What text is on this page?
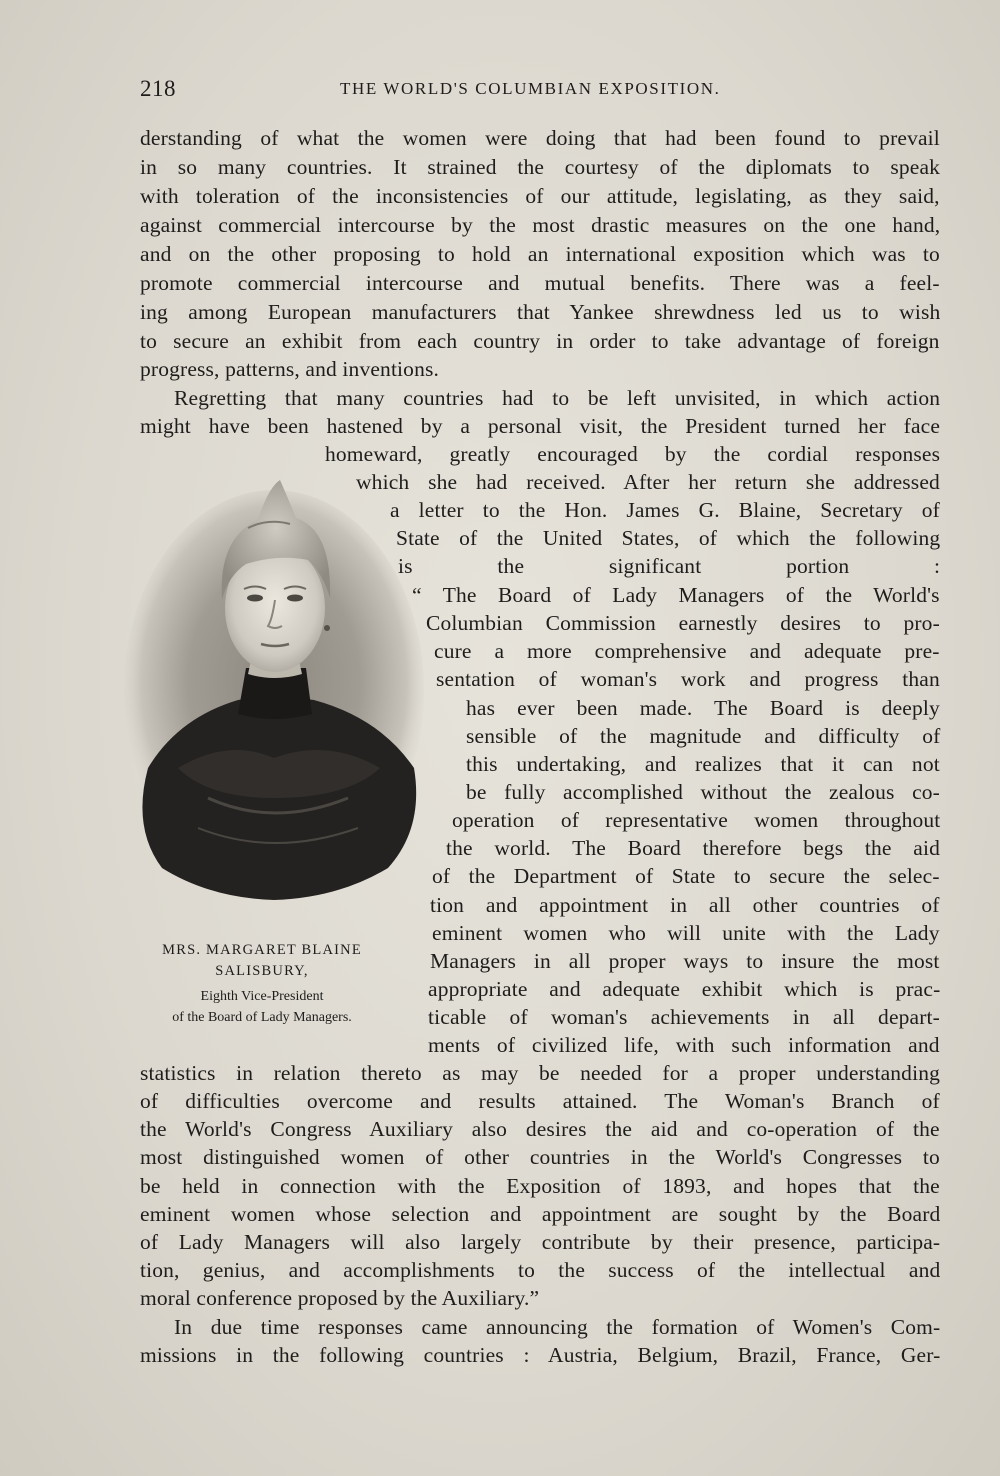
218	THE WORLD'S COLUMBIAN EXPOSITION.
derstanding of what the women were doing that had been found to prevail
in so many countries. It strained the courtesy of the diplomats to speak
with toleration of the inconsistencies of our attitude, legislating, as they said,
against commercial intercourse by the most drastic measures on the one hand,
and on the other proposing to hold an international exposition which was to
promote commercial intercourse and mutual benefits. There was a feel-
ing among European manufacturers that Yankee shrewdness led us to wish
to secure an exhibit from each country in order to take advantage of foreign
progress, patterns, and inventions.
Regretting that many countries had to be left unvisited, in which action
might have been hastened by a personal visit, the President turned her face
homeward, greatly encouraged by the cordial responses
which she had received. After her return she addressed
a letter to the Hon. James G. Blaine, Secretary of
State of the United States, of which the following
is the significant portion :
“ The Board of Lady Managers of the World's
Columbian Commission earnestly desires to pro-
cure a more comprehensive and adequate pre-
sentation of woman's work and progress than
has ever been made. The Board is deeply
sensible of the magnitude and difficulty of
this undertaking, and realizes that it can not
be fully accomplished without the zealous co-
operation of representative women throughout
the world. The Board therefore begs the aid
of the Department of State to secure the selec-
tion and appointment in all other countries of
eminent women who will unite with the Lady
Managers in all proper ways to insure the most
appropriate and adequate exhibit which is prac-
ticable of woman's achievements in all depart-
ments of civilized life, with such information and
statistics in relation thereto as may be needed for a proper understanding
of difficulties overcome and results attained. The Woman's Branch of
the World's Congress Auxiliary also desires the aid and co-operation of the
most distinguished women of other countries in the World's Congresses to
be held in connection with the Exposition of 1893, and hopes that the
eminent women whose selection and appointment are sought by the Board
of Lady Managers will also largely contribute by their presence, participa-
tion, genius, and accomplishments to the success of the intellectual and
moral conference proposed by the Auxiliary.”
In due time responses came announcing the formation of Women's Com-
missions in the following countries : Austria, Belgium, Brazil, France, Ger-
MRS. MARGARET BLAINE
SALISBURY,
Eighth Vice-President
of the Board of Lady Managers.
